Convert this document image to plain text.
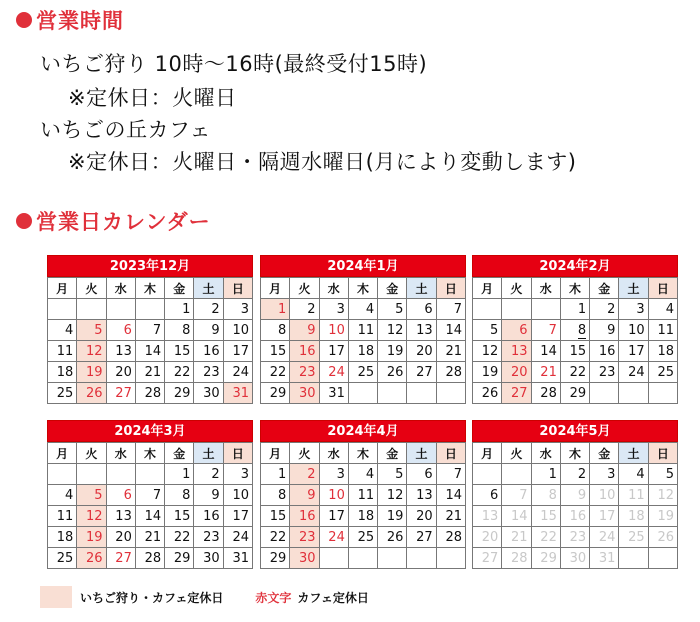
営業時間
いちご狩り 10時〜16時(最終受付15時)
※定休日：火曜日
いちごの丘カフェ
※定休日：火曜日・隔週水曜日(月により変動します)
営業日カレンダー
2023年12月
月	火	水	木	金	土	日
				1	2	3
4	5	6	7	8	9	10
11	12	13	14	15	16	17
18	19	20	21	22	23	24
25	26	27	28	29	30	31
2024年1月
月	火	水	木	金	土	日
1	2	3	4	5	6	7
8	9	10	11	12	13	14
15	16	17	18	19	20	21
22	23	24	25	26	27	28
29	30	31				
2024年2月
月	火	水	木	金	土	日
			1	2	3	4
5	6	7	8	9	10	11
12	13	14	15	16	17	18
19	20	21	22	23	24	25
26	27	28	29			
2024年3月
月	火	水	木	金	土	日
				1	2	3
4	5	6	7	8	9	10
11	12	13	14	15	16	17
18	19	20	21	22	23	24
25	26	27	28	29	30	31
2024年4月
月	火	水	木	金	土	日
1	2	3	4	5	6	7
8	9	10	11	12	13	14
15	16	17	18	19	20	21
22	23	24	25	26	27	28
29	30					
2024年5月
月	火	水	木	金	土	日
		1	2	3	4	5
6	7	8	9	10	11	12
13	14	15	16	17	18	19
20	21	22	23	24	25	26
27	28	29	30	31		
いちご狩り・カフェ定休日	赤文字 カフェ定休日
